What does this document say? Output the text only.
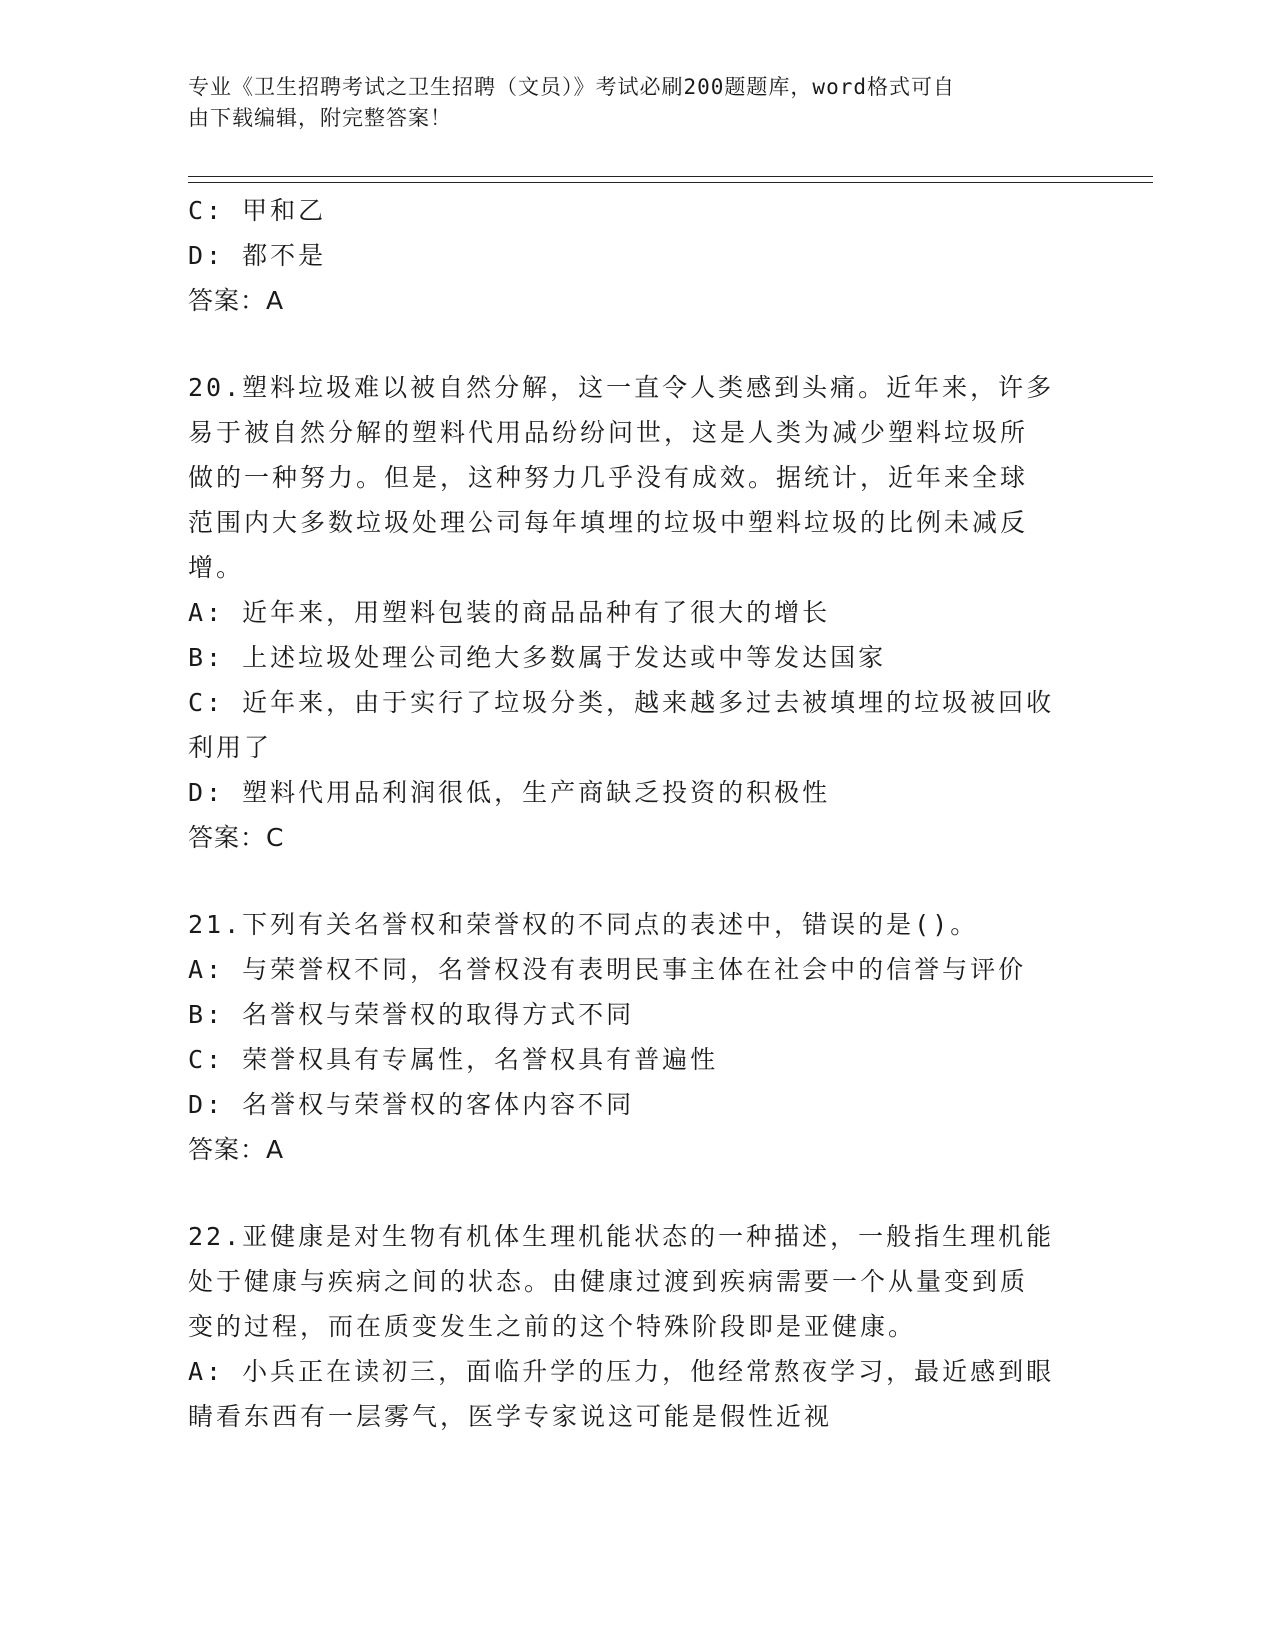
专业《卫生招聘考试之卫生招聘（文员）》考试必刷200题题库，word格式可自
由下载编辑，附完整答案！
C: 甲和乙
D: 都不是
答案：A
20.塑料垃圾难以被自然分解，这一直令人类感到头痛。近年来，许多
易于被自然分解的塑料代用品纷纷问世，这是人类为减少塑料垃圾所
做的一种努力。但是，这种努力几乎没有成效。据统计，近年来全球
范围内大多数垃圾处理公司每年填埋的垃圾中塑料垃圾的比例未减反
增。
A: 近年来，用塑料包装的商品品种有了很大的增长
B: 上述垃圾处理公司绝大多数属于发达或中等发达国家
C: 近年来，由于实行了垃圾分类，越来越多过去被填埋的垃圾被回收
利用了
D: 塑料代用品利润很低，生产商缺乏投资的积极性
答案：C
21.下列有关名誉权和荣誉权的不同点的表述中，错误的是()。
A: 与荣誉权不同，名誉权没有表明民事主体在社会中的信誉与评价
B: 名誉权与荣誉权的取得方式不同
C: 荣誉权具有专属性，名誉权具有普遍性
D: 名誉权与荣誉权的客体内容不同
答案：A
22.亚健康是对生物有机体生理机能状态的一种描述，一般指生理机能
处于健康与疾病之间的状态。由健康过渡到疾病需要一个从量变到质
变的过程，而在质变发生之前的这个特殊阶段即是亚健康。
A: 小兵正在读初三，面临升学的压力，他经常熬夜学习，最近感到眼
睛看东西有一层雾气，医学专家说这可能是假性近视
